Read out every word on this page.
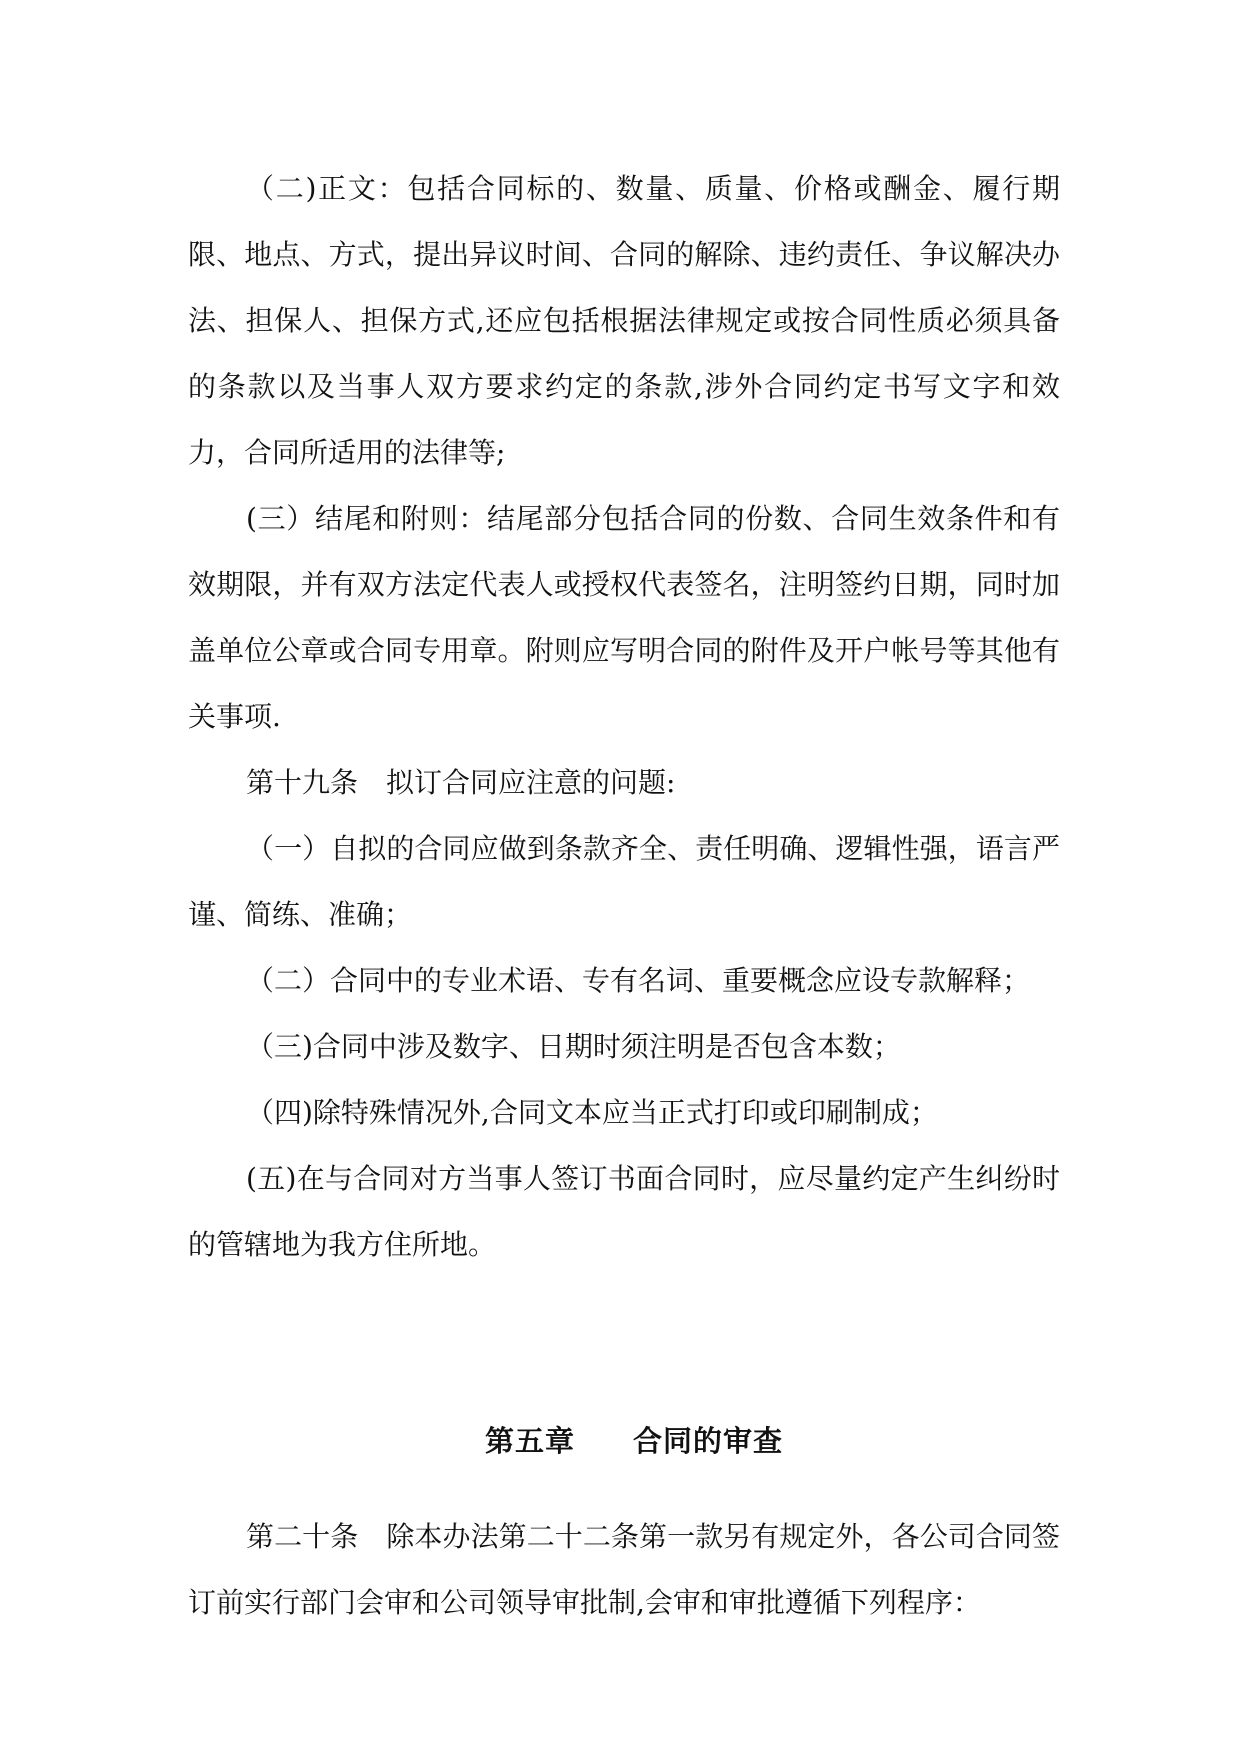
（二)正文：包括合同标的、数量、质量、价格或酬金、履行期限、地点、方式，提出异议时间、合同的解除、违约责任、争议解决办法、担保人、担保方式,还应包括根据法律规定或按合同性质必须具备的条款以及当事人双方要求约定的条款,涉外合同约定书写文字和效力，合同所适用的法律等;

(三）结尾和附则：结尾部分包括合同的份数、合同生效条件和有效期限，并有双方法定代表人或授权代表签名，注明签约日期，同时加盖单位公章或合同专用章。附则应写明合同的附件及开户帐号等其他有关事项.

第十九条　拟订合同应注意的问题:

（一）自拟的合同应做到条款齐全、责任明确、逻辑性强，语言严谨、简练、准确；

（二）合同中的专业术语、专有名词、重要概念应设专款解释；

（三)合同中涉及数字、日期时须注明是否包含本数；

（四)除特殊情况外,合同文本应当正式打印或印刷制成；

(五)在与合同对方当事人签订书面合同时，应尽量约定产生纠纷时的管辖地为我方住所地。

第五章 合同的审查

第二十条　除本办法第二十二条第一款另有规定外，各公司合同签订前实行部门会审和公司领导审批制,会审和审批遵循下列程序：
